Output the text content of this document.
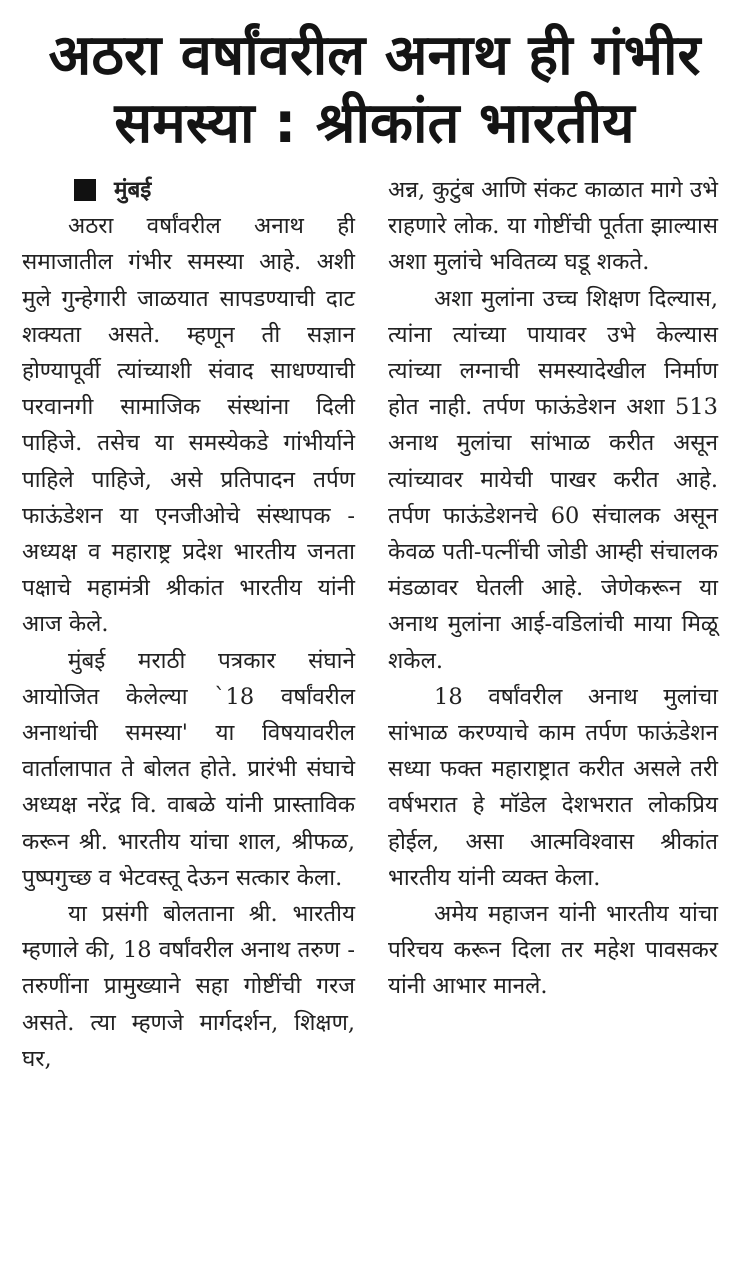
अठरा वर्षांवरील अनाथ ही गंभीर
समस्या : श्रीकांत भारतीय
मुंबई

अठरा वर्षांवरील अनाथ ही समाजातील गंभीर समस्या आहे. अशी मुले गुन्हेगारी जाळयात सापडण्याची दाट शक्यता असते. म्हणून ती सज्ञान होण्यापूर्वी त्यांच्याशी संवाद साधण्याची परवानगी सामाजिक संस्थांना दिली पाहिजे. तसेच या समस्येकडे गांभीर्याने पाहिले पाहिजे, असे प्रतिपादन तर्पण फाऊंडेशन या एनजीओचे संस्थापक - अध्यक्ष व महाराष्ट्र प्रदेश भारतीय जनता पक्षाचे महामंत्री श्रीकांत भारतीय यांनी आज केले.

मुंबई मराठी पत्रकार संघाने आयोजित केलेल्या `18 वर्षांवरील अनाथांची समस्या' या विषयावरील वार्तालापात ते बोलत होते. प्रारंभी संघाचे अध्यक्ष नरेंद्र वि. वाबळे यांनी प्रास्ताविक करून श्री. भारतीय यांचा शाल, श्रीफळ, पुष्पगुच्छ व भेटवस्तू देऊन सत्कार केला.

या प्रसंगी बोलताना श्री. भारतीय म्हणाले की, 18 वर्षांवरील अनाथ तरुण - तरुणींना प्रामुख्याने सहा गोष्टींची गरज असते. त्या म्हणजे मार्गदर्शन, शिक्षण, घर,

अन्न, कुटुंब आणि संकट काळात मागे उभे राहणारे लोक. या गोष्टींची पूर्तता झाल्यास अशा मुलांचे भवितव्य घडू शकते.

अशा मुलांना उच्च शिक्षण दिल्यास, त्यांना त्यांच्या पायावर उभे केल्यास त्यांच्या लग्नाची समस्यादेखील निर्माण होत नाही. तर्पण फाऊंडेशन अशा 513 अनाथ मुलांचा सांभाळ करीत असून त्यांच्यावर मायेची पाखर करीत आहे. तर्पण फाऊंडेशनचे 60 संचालक असून केवळ पती-पत्नींची जोडी आम्ही संचालक मंडळावर घेतली आहे. जेणेकरून या अनाथ मुलांना आई-वडिलांची माया मिळू शकेल.

18 वर्षांवरील अनाथ मुलांचा सांभाळ करण्याचे काम तर्पण फाऊंडेशन सध्या फक्त महाराष्ट्रात करीत असले तरी वर्षभरात हे मॉडेल देशभरात लोकप्रिय होईल, असा आत्मविश्वास श्रीकांत भारतीय यांनी व्यक्त केला.

अमेय महाजन यांनी भारतीय यांचा परिचय करून दिला तर महेश पावसकर यांनी आभार मानले.
